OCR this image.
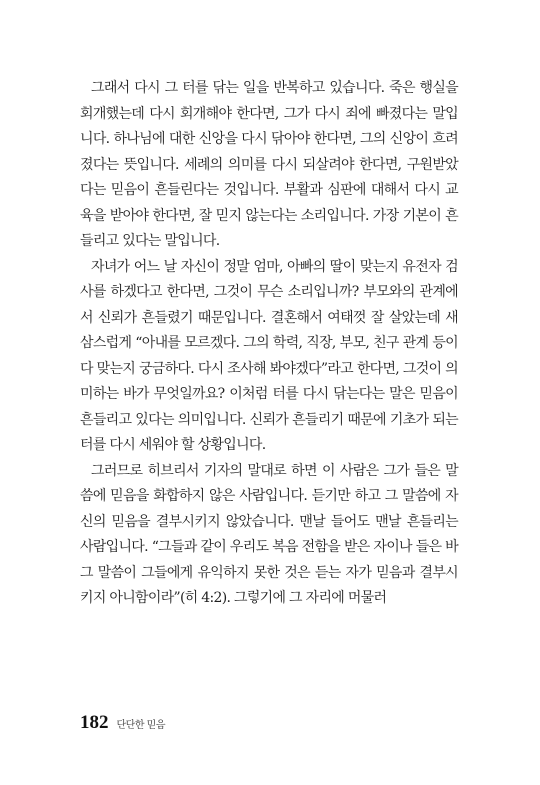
그래서 다시 그 터를 닦는 일을 반복하고 있습니다. 죽은 행실을 회개했는데 다시 회개해야 한다면, 그가 다시 죄에 빠졌다는 말입니다. 하나님에 대한 신앙을 다시 닦아야 한다면, 그의 신앙이 흐려졌다는 뜻입니다. 세례의 의미를 다시 되살려야 한다면, 구원받았다는 믿음이 흔들린다는 것입니다. 부활과 심판에 대해서 다시 교육을 받아야 한다면, 잘 믿지 않는다는 소리입니다. 가장 기본이 흔들리고 있다는 말입니다.

자녀가 어느 날 자신이 정말 엄마, 아빠의 딸이 맞는지 유전자 검사를 하겠다고 한다면, 그것이 무슨 소리입니까? 부모와의 관계에서 신뢰가 흔들렸기 때문입니다. 결혼해서 여태껏 잘 살았는데 새삼스럽게 “아내를 모르겠다. 그의 학력, 직장, 부모, 친구 관계 등이 다 맞는지 궁금하다. 다시 조사해 봐야겠다”라고 한다면, 그것이 의미하는 바가 무엇일까요? 이처럼 터를 다시 닦는다는 말은 믿음이 흔들리고 있다는 의미입니다. 신뢰가 흔들리기 때문에 기초가 되는 터를 다시 세워야 할 상황입니다.

그러므로 히브리서 기자의 말대로 하면 이 사람은 그가 들은 말씀에 믿음을 화합하지 않은 사람입니다. 듣기만 하고 그 말씀에 자신의 믿음을 결부시키지 않았습니다. 맨날 들어도 맨날 흔들리는 사람입니다. “그들과 같이 우리도 복음 전함을 받은 자이나 들은 바 그 말씀이 그들에게 유익하지 못한 것은 듣는 자가 믿음과 결부시키지 아니함이라”(히 4:2). 그렇기에 그 자리에 머물러

182 단단한 믿음
